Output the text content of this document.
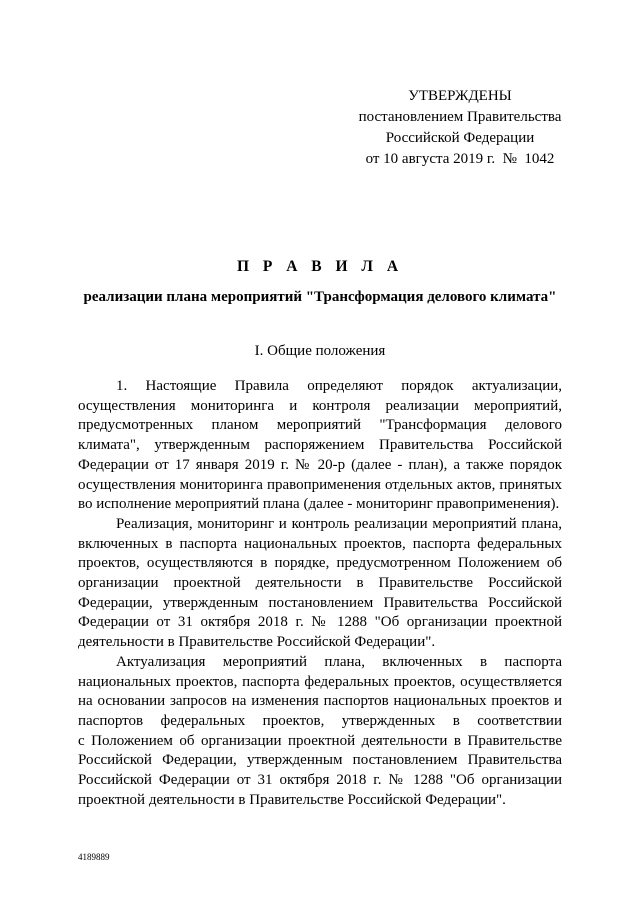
УТВЕРЖДЕНЫ
постановлением Правительства
Российской Федерации
от 10 августа 2019 г.  №  1042
П Р А В И Л А
реализации плана мероприятий "Трансформация делового климата"
I. Общие положения
1. Настоящие Правила определяют порядок актуализации,
осуществления мониторинга и контроля реализации мероприятий,
предусмотренных планом мероприятий "Трансформация делового
климата", утвержденным распоряжением Правительства Российской
Федерации от 17 января 2019 г. № 20-р (далее - план), а также порядок
осуществления мониторинга правоприменения отдельных актов, принятых
во исполнение мероприятий плана (далее - мониторинг правоприменения).
Реализация, мониторинг и контроль реализации мероприятий плана,
включенных в паспорта национальных проектов, паспорта федеральных
проектов, осуществляются в порядке, предусмотренном Положением об
организации проектной деятельности в Правительстве Российской
Федерации, утвержденным постановлением Правительства Российской
Федерации от 31 октября 2018 г. № 1288 "Об организации проектной
деятельности в Правительстве Российской Федерации".
Актуализация мероприятий плана, включенных в паспорта
национальных проектов, паспорта федеральных проектов, осуществляется
на основании запросов на изменения паспортов национальных проектов и
паспортов федеральных проектов, утвержденных в соответствии
с Положением об организации проектной деятельности в Правительстве
Российской Федерации, утвержденным постановлением Правительства
Российской Федерации от 31 октября 2018 г. № 1288 "Об организации
проектной деятельности в Правительстве Российской Федерации".
4189889
